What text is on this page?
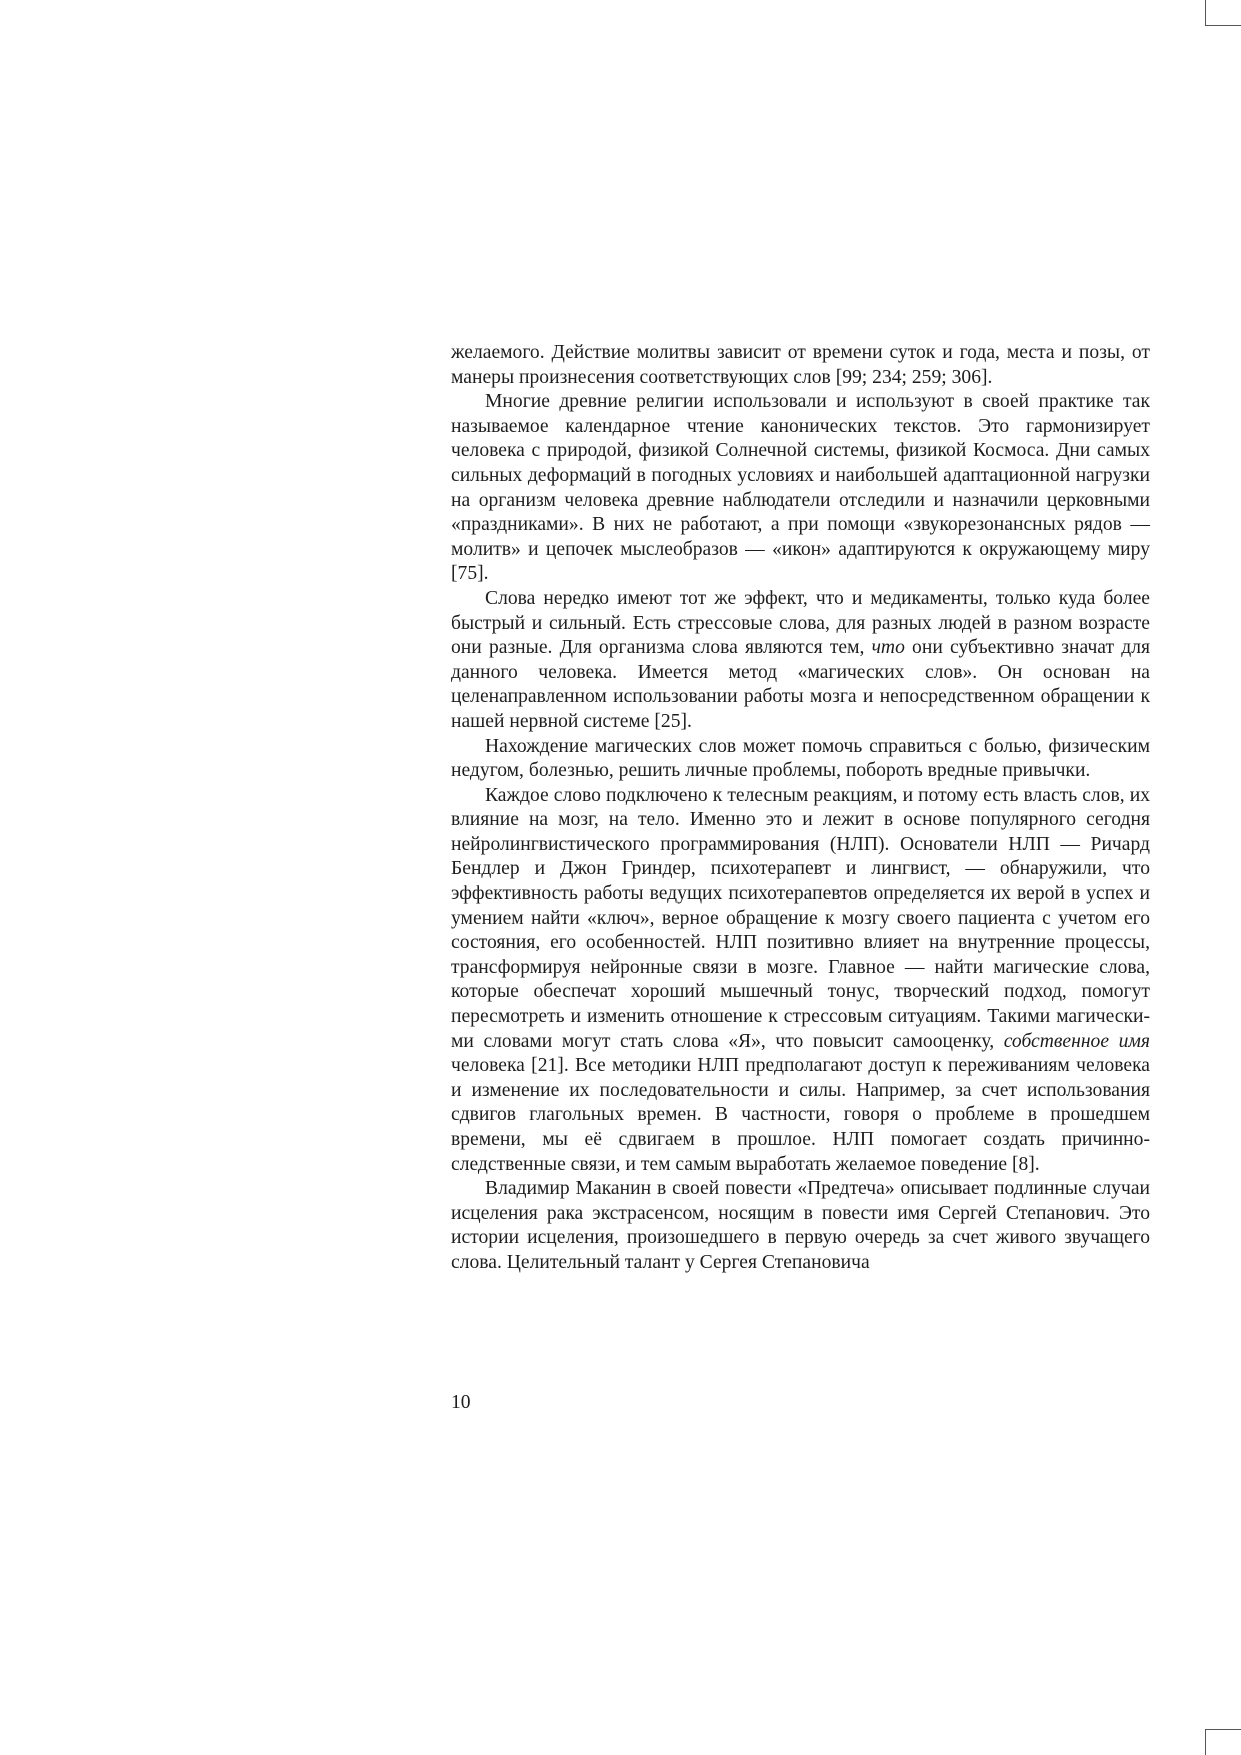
желаемого. Действие молитвы зависит от времени суток и года, места и позы, от манеры произнесения соответствующих слов [99; 234; 259; 306].

Многие древние религии использовали и используют в своей практике так называемое календарное чтение канонических текстов. Это гармонизирует человека с природой, физикой Солнечной системы, физикой Космоса. Дни самых сильных деформаций в погодных условиях и наибольшей адаптационной нагрузки на организм человека древние наблюдатели отследили и назначили церковными «праздниками». В них не работают, а при помощи «звукорезонансных рядов — молитв» и цепочек мыслеобразов — «икон» адаптируются к окружающему миру [75].

Слова нередко имеют тот же эффект, что и медикаменты, только куда более быстрый и сильный. Есть стрессовые слова, для разных людей в разном возрасте они разные. Для организма слова являются тем, что они субъективно значат для данного человека. Имеется метод «магических слов». Он основан на целенаправленном использовании работы мозга и непосредственном обращении к нашей нервной системе [25].

Нахождение магических слов может помочь справиться с болью, физическим недугом, болезнью, решить личные проблемы, побороть вредные привычки.

Каждое слово подключено к телесным реакциям, и потому есть власть слов, их влияние на мозг, на тело. Именно это и лежит в основе популярного сегодня нейролингвистического программирования (НЛП). Основатели НЛП — Ричард Бендлер и Джон Гриндер, психотерапевт и лингвист, — обнаружили, что эффективность работы ведущих психотерапевтов определяется их верой в успех и умением найти «ключ», верное обращение к мозгу своего пациента с учетом его состояния, его особенностей. НЛП позитивно влияет на внутренние процессы, трансформируя нейронные связи в мозге. Главное — найти магические слова, которые обеспечат хороший мышечный тонус, творческий подход, помогут пересмотреть и изменить отношение к стрессовым ситуациям. Такими магическими словами могут стать слова «Я», что повысит самооценку, собственное имя человека [21]. Все методики НЛП предполагают доступ к переживаниям человека и изменение их последовательности и силы. Например, за счет использования сдвигов глагольных времен. В частности, говоря о проблеме в прошедшем времени, мы её сдвигаем в прошлое. НЛП помогает создать причинно-следственные связи, и тем самым выработать желаемое поведение [8].

Владимир Маканин в своей повести «Предтеча» описывает подлинные случаи исцеления рака экстрасенсом, носящим в повести имя Сергей Степанович. Это истории исцеления, произошедшего в первую очередь за счет живого звучащего слова. Целительный талант у Сергея Степановича

10
